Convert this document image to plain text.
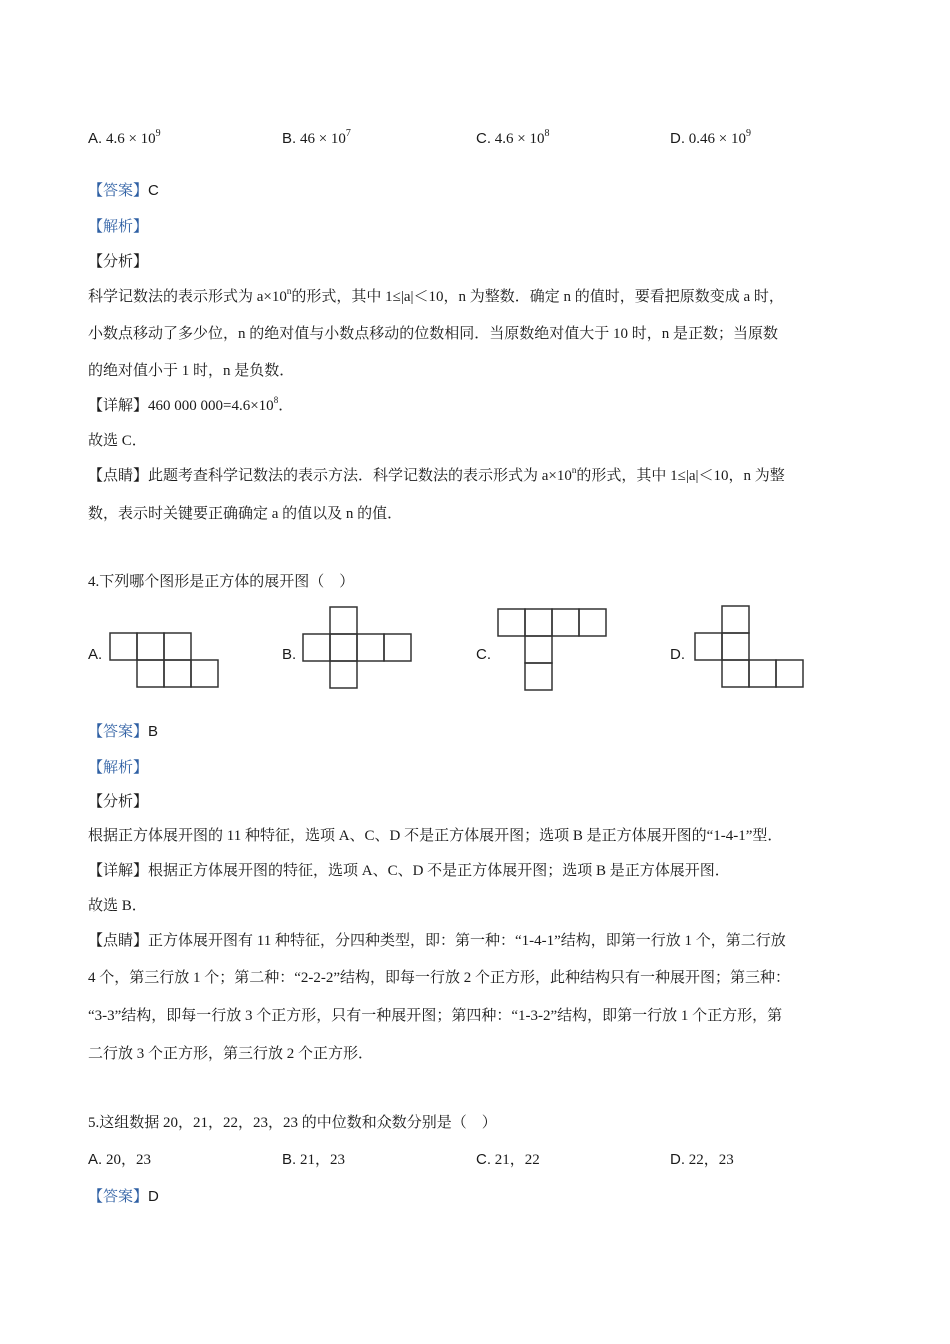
A. $4.6 \times 10^9$	B. $46 \times 10^7$	C. $4.6 \times 10^8$	D. $0.46 \times 10^9$
【答案】C
【解析】
【分析】
科学记数法的表示形式为 $a\times 10^n$的形式，其中 1≤|a|＜10，n 为整数．确定 n 的值时，要看把原数变成 a 时，
小数点移动了多少位，n 的绝对值与小数点移动的位数相同．当原数绝对值大于 10 时，n 是正数；当原数
的绝对值小于 1 时，n 是负数．
【详解】460 000 $000=4.6\times 10^8$．
故选 C．
【点睛】此题考查科学记数法的表示方法．科学记数法的表示形式为 $a\times 10^n$的形式，其中 1≤|a|＜10，n 为整
数，表示时关键要正确确定 a 的值以及 n 的值．
4.下列哪个图形是正方体的展开图（　）
A.	B.	C.	D.
【答案】B
【解析】
【分析】
根据正方体展开图的 11 种特征，选项 A、C、D 不是正方体展开图；选项 B 是正方体展开图的“1-4-1”型．
【详解】根据正方体展开图的特征，选项 A、C、D 不是正方体展开图；选项 B 是正方体展开图．
故选 B．
【点睛】正方体展开图有 11 种特征，分四种类型，即：第一种：“1-4-1”结构，即第一行放 1 个，第二行放
4 个，第三行放 1 个；第二种：“2-2-2”结构，即每一行放 2 个正方形，此种结构只有一种展开图；第三种：
“3-3”结构，即每一行放 3 个正方形，只有一种展开图；第四种：“1-3-2”结构，即第一行放 1 个正方形，第
二行放 3 个正方形，第三行放 2 个正方形．
5.这组数据 20，21，22，23，23 的中位数和众数分别是（　）
A. 20，23	B. 21，23	C. 21，22	D. 22，23
【答案】D
